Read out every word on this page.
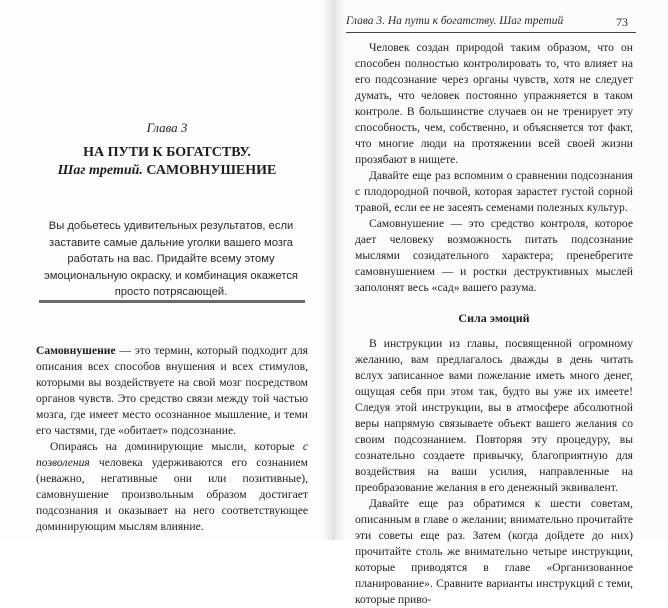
Глава 3
НА ПУТИ К БОГАТСТВУ.
Шаг третий. САМОВНУШЕНИЕ
Вы добьетесь удивительных результатов, если заставите самые дальние уголки вашего мозга работать на вас. Придайте всему этому эмоциональную окраску, и комбинация окажется просто потрясающей.

Самовнушение — это термин, который подходит для описания всех способов внушения и всех стимулов, которыми вы воздействуете на свой мозг посредством органов чувств. Это средство связи между той частью мозга, где имеет место осознанное мышление, и теми его частями, где «обитает» подсознание.

Опираясь на доминирующие мысли, которые с позволения человека удерживаются его сознанием (неважно, негативные они или позитивные), самовнушение произвольным образом достигает подсознания и оказывает на него соответствующее доминирующим мыслям влияние.

Глава 3. На пути к богатству. Шаг третий	73

Человек создан природой таким образом, что он способен полностью контролировать то, что влияет на его подсознание через органы чувств, хотя не следует думать, что человек постоянно упражняется в таком контроле. В большинстве случаев он не тренирует эту способность, чем, собственно, и объясняется тот факт, что многие люди на протяжении всей своей жизни прозябают в нищете.

Давайте еще раз вспомним о сравнении подсознания с плодородной почвой, которая зарастет густой сорной травой, если ее не засеять семенами полезных культур.

Самовнушение — это средство контроля, которое дает человеку возможность питать подсознание мыслями созидательного характера; пренебрегите самовнушением — и ростки деструктивных мыслей заполонят весь «сад» вашего разума.

Сила эмоций

В инструкции из главы, посвященной огромному желанию, вам предлагалось дважды в день читать вслух записанное вами пожелание иметь много денег, ощущая себя при этом так, будто вы уже их имеете! Следуя этой инструкции, вы в атмосфере абсолютной веры напрямую связываете объект вашего желания со своим подсознанием. Повторяя эту процедуру, вы сознательно создаете привычку, благоприятную для воздействия на ваши усилия, направленные на преобразование желания в его денежный эквивалент.

Давайте еще раз обратимся к шести советам, описанным в главе о желании; внимательно прочитайте эти советы еще раз. Затем (когда дойдете до них) прочитайте столь же внимательно четыре инструкции, которые приводятся в главе «Организованное планирование». Сравните варианты инструкций с теми, которые приво-
